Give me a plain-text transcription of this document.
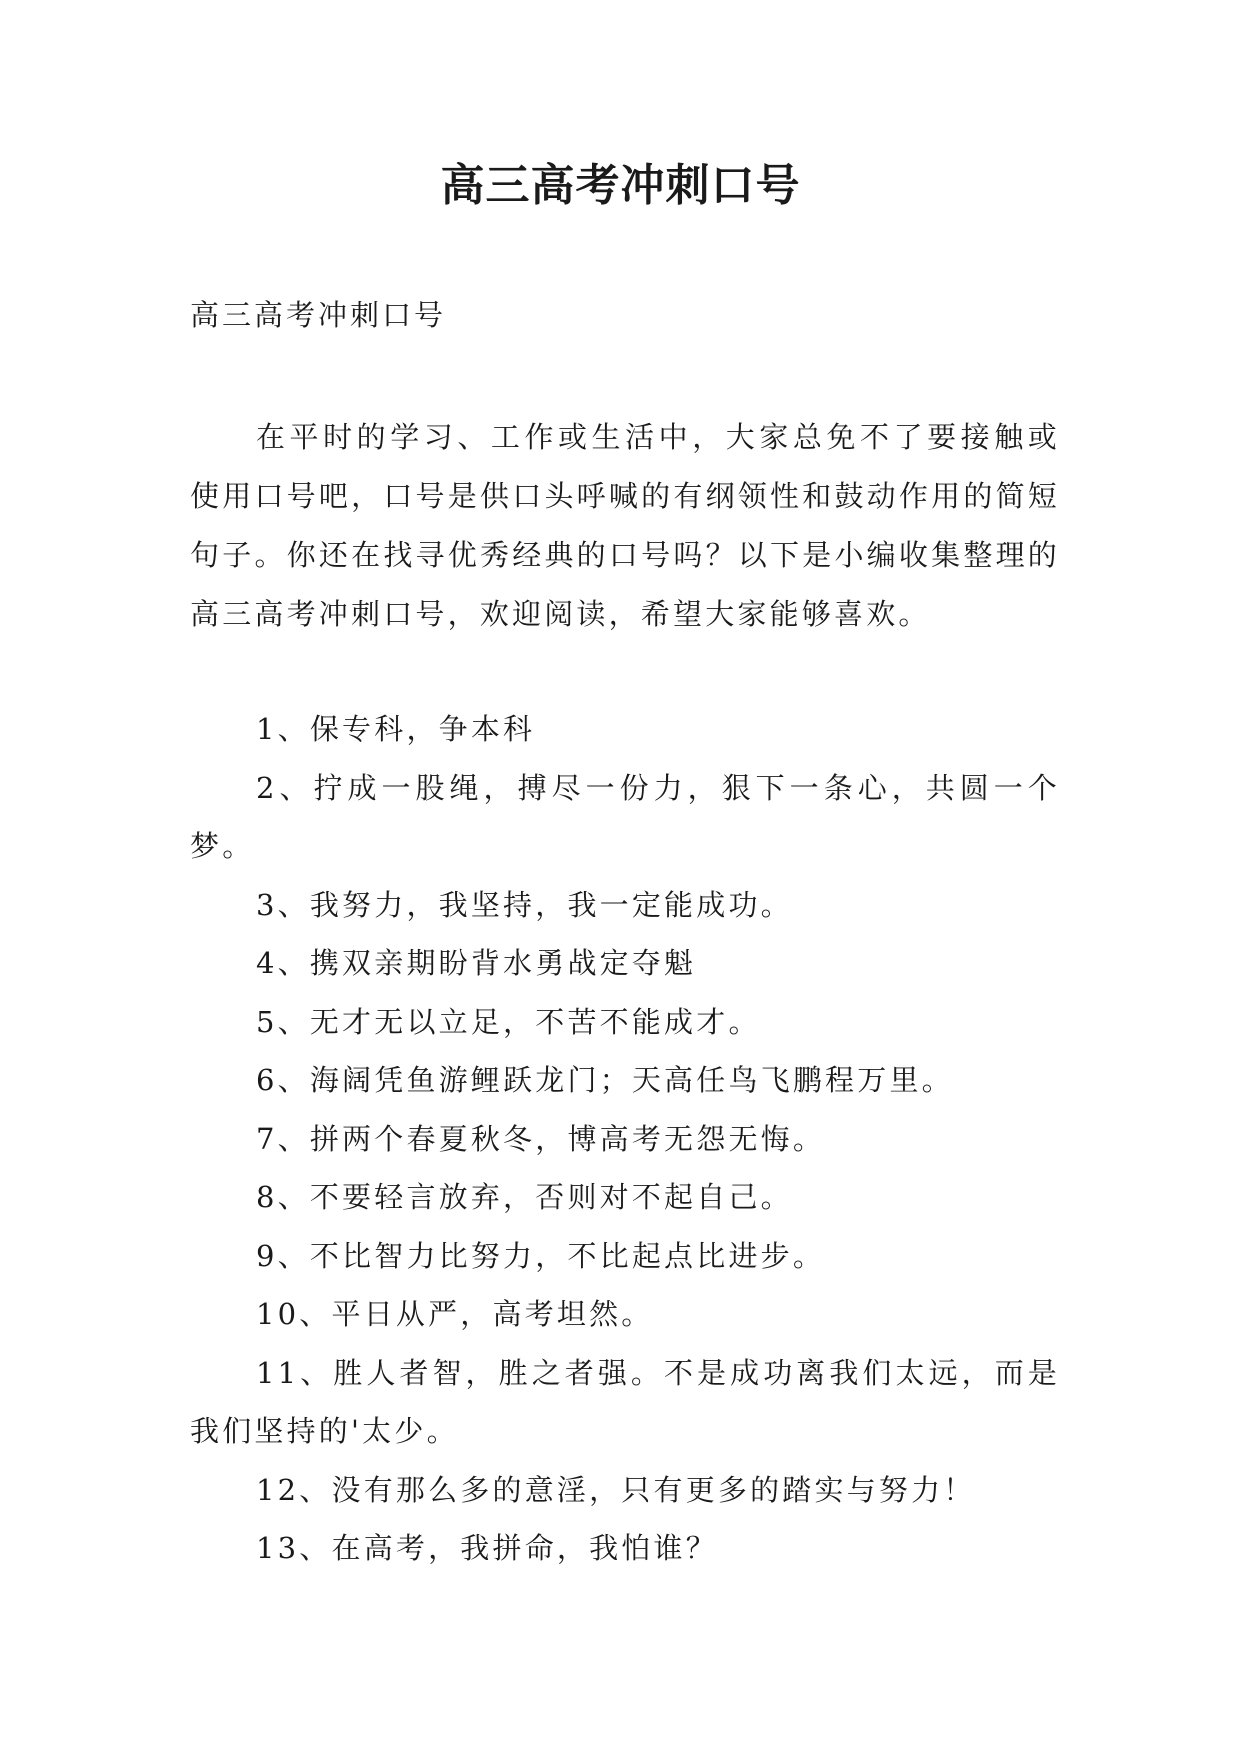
高三高考冲刺口号
高三高考冲刺口号

在平时的学习、工作或生活中，大家总免不了要接触或使用口号吧，口号是供口头呼喊的有纲领性和鼓动作用的简短句子。你还在找寻优秀经典的口号吗？以下是小编收集整理的高三高考冲刺口号，欢迎阅读，希望大家能够喜欢。

1、保专科，争本科
2、拧成一股绳，搏尽一份力，狠下一条心，共圆一个梦。
3、我努力，我坚持，我一定能成功。
4、携双亲期盼背水勇战定夺魁
5、无才无以立足，不苦不能成才。
6、海阔凭鱼游鲤跃龙门；天高任鸟飞鹏程万里。
7、拼两个春夏秋冬，博高考无怨无悔。
8、不要轻言放弃，否则对不起自己。
9、不比智力比努力，不比起点比进步。
10、平日从严，高考坦然。
11、胜人者智，胜之者强。不是成功离我们太远，而是我们坚持的'太少。
12、没有那么多的意淫，只有更多的踏实与努力！
13、在高考，我拼命，我怕谁？
